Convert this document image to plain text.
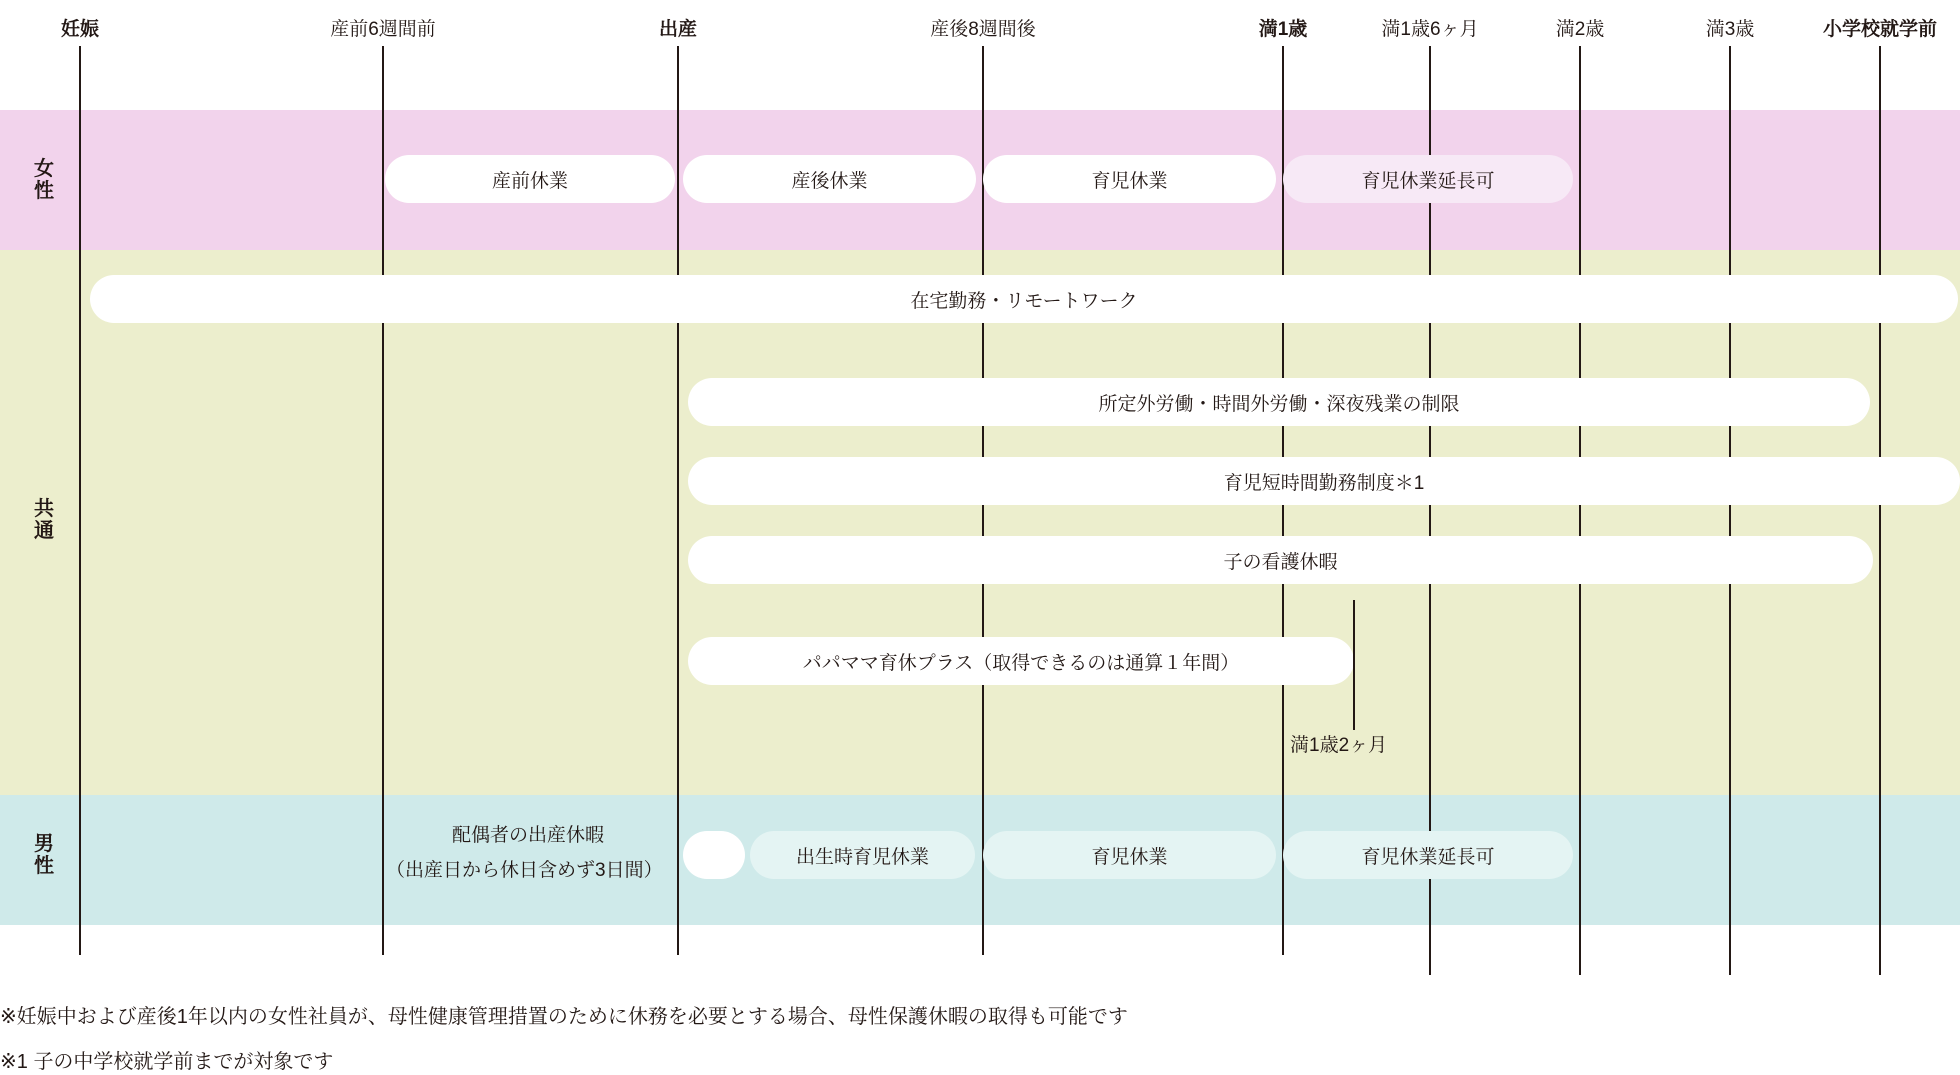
女
性
共
通
男
性
妊娠	産前6週間前	出産	産後8週間後	満1歳	満1歳6ヶ月	満2歳	満3歳	小学校就学前
産前休業	産後休業	育児休業	育児休業延長可
在宅勤務・リモートワーク
所定外労働・時間外労働・深夜残業の制限
育児短時間勤務制度＊1
子の看護休暇
パパママ育休プラス（取得できるのは通算１年間）
満1歳2ヶ月
配偶者の出産休暇
（出産日から休日含めず3日間）
出生時育児休業	育児休業	育児休業延長可
※妊娠中および産後1年以内の女性社員が、母性健康管理措置のために休務を必要とする場合、母性保護休暇の取得も可能です
※1 子の中学校就学前までが対象です
